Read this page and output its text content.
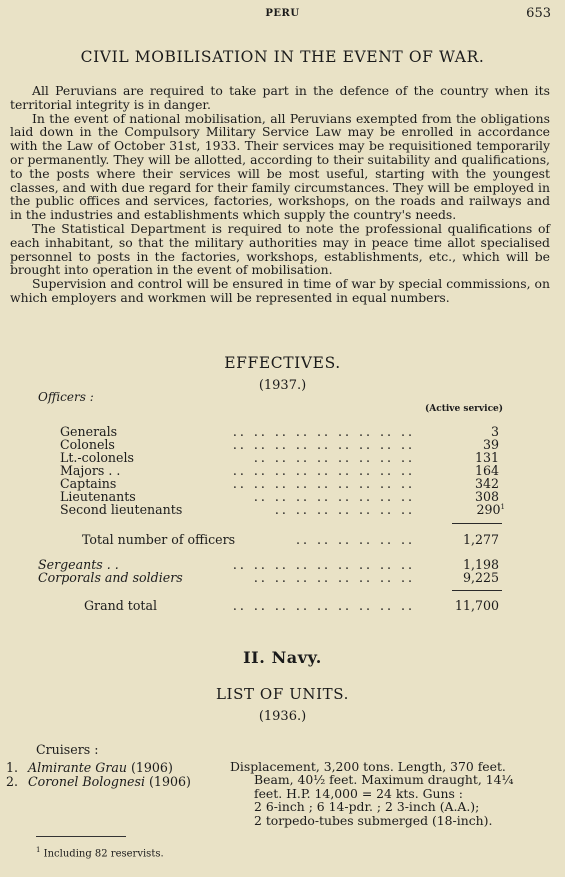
PERU	653
CIVIL MOBILISATION IN THE EVENT OF WAR.

All Peruvians are required to take part in the defence of the country when its territorial integrity is in danger.

In the event of national mobilisation, all Peruvians exempted from the obligations laid down in the Compulsory Military Service Law may be enrolled in accordance with the Law of October 31st, 1933. Their services may be requisitioned temporarily or permanently. They will be allotted, according to their suitability and qualifications, to the posts where their services will be most useful, starting with the youngest classes, and with due regard for their family circumstances. They will be employed in the public offices and services, factories, workshops, on the roads and railways and in the industries and establishments which supply the country's needs.

The Statistical Department is required to note the professional qualifications of each inhabitant, so that the military authorities may in peace time allot specialised personnel to posts in the factories, workshops, establishments, etc., which will be brought into operation in the event of mobilisation.

Supervision and control will be ensured in time of war by special commissions, on which employers and workmen will be represented in equal numbers.

EFFECTIVES.
(1937.)
Officers :
(Active service)
Generals	.. .. .. .. .. .. .. .. ..	3
Colonels	.. .. .. .. .. .. .. .. ..	39
Lt.-colonels	.. .. .. .. .. .. .. ..	131
Majors . .	.. .. .. .. .. .. .. .. ..	164
Captains	.. .. .. .. .. .. .. .. ..	342
Lieutenants	.. .. .. .. .. .. .. ..	308
Second lieutenants	.. .. .. .. .. .. ..	$290^1$
Total number of officers	.. .. .. .. .. ..	1,277
Sergeants . .	.. .. .. .. .. .. .. .. ..	1,198
Corporals and soldiers	.. .. .. .. .. .. .. ..	9,225
Grand total	.. .. .. .. .. .. .. .. ..	11,700
II. Navy.
LIST OF UNITS.
(1936.)
Cruisers :
1. Almirante Grau (1906)
2. Coronel Bolognesi (1906)
Displacement, 3,200 tons. Length, 370 feet.
Beam, 40½ feet. Maximum draught, 14¼
feet. H.P. 14,000 = 24 kts. Guns :
2 6-inch ; 6 14-pdr. ; 2 3-inch (A.A.);
2 torpedo-tubes submerged (18-inch).
$^1$ Including 82 reservists.
